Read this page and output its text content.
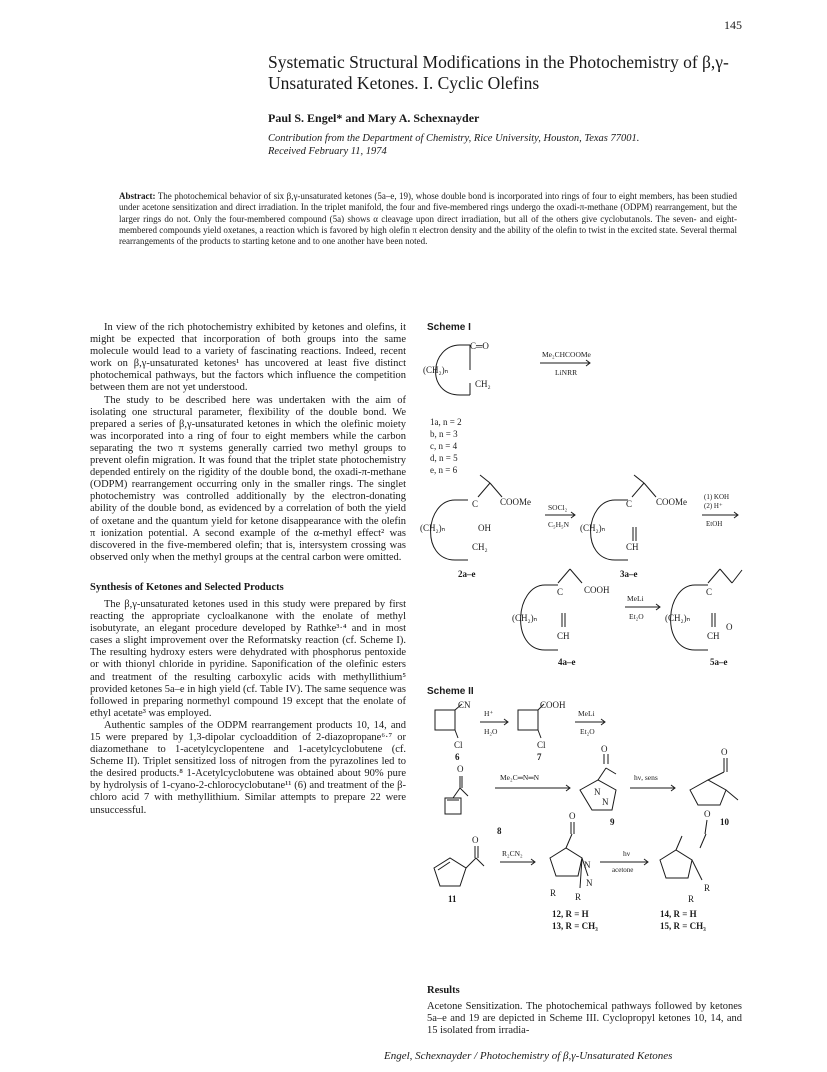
145
Systematic Structural Modifications in the Photochemistry of β,γ-Unsaturated Ketones. I. Cyclic Olefins
Paul S. Engel* and Mary A. Schexnayder
Contribution from the Department of Chemistry, Rice University, Houston, Texas 77001.
Received February 11, 1974
Abstract: The photochemical behavior of six β,γ-unsaturated ketones (5a–e, 19), whose double bond is incorporated into rings of four to eight members, has been studied under acetone sensitization and direct irradiation. In the triplet manifold, the four and five-membered rings undergo the oxadi-π-methane (ODPM) rearrangement, but the larger rings do not. Only the four-membered compound (5a) shows α cleavage upon direct irradiation, but all of the others give cyclobutanols. The seven- and eight-membered compounds yield oxetanes, a reaction which is favored by high olefin π electron density and the ability of the olefin to twist in the excited state. Several thermal rearrangements of the products to starting ketone and to one another have been noted.

In view of the rich photochemistry exhibited by ketones and olefins, it might be expected that incorporation of both groups into the same molecule would lead to a variety of fascinating reactions. Indeed, recent work on β,γ-unsaturated ketones¹ has uncovered at least five distinct photochemical pathways, but the factors which influence the competition between them are not yet understood.

The study to be described here was undertaken with the aim of isolating one structural parameter, flexibility of the double bond. We prepared a series of β,γ-unsaturated ketones in which the olefinic moiety was incorporated into a ring of four to eight members while the carbon separating the two π systems generally carried two methyl groups to prevent olefin migration. It was found that the triplet state photochemistry depended entirely on the rigidity of the double bond, the oxadi-π-methane (ODPM) rearrangement occurring only in the smaller rings. The singlet photochemistry was controlled additionally by the electron-donating ability of the double bond, as evidenced by a correlation of both the yield of oxetane and the quantum yield for ketone disappearance with the olefin π ionization potential. A second example of the α-methyl effect² was discovered in the five-membered olefin; that is, intersystem crossing was observed only when the methyl groups at the central carbon were omitted.

Synthesis of Ketones and Selected Products

The β,γ-unsaturated ketones used in this study were prepared by first reacting the appropriate cycloalkanone with the enolate of methyl isobutyrate, an elegant procedure developed by Rathke³·⁴ and in most cases a slight improvement over the Reformatsky reaction (cf. Scheme I). The resulting hydroxy esters were dehydrated with phosphorus pentoxide or with thionyl chloride in pyridine. Saponification of the olefinic esters and treatment of the resulting carboxylic acids with methyllithium⁵ provided ketones 5a–e in high yield (cf. Table IV). The same sequence was followed in preparing normethyl compound 19 except that the enolate of ethyl acetate³ was employed.

Authentic samples of the ODPM rearrangement products 10, 14, and 15 were prepared by 1,3-dipolar cycloaddition of 2-diazopropane⁶·⁷ or diazomethane to 1-acetylcyclopentene and 1-acetylcyclobutene (cf. Scheme II). Triplet sensitized loss of nitrogen from the pyrazolines led to the desired products.⁸ 1-Acetylcyclobutene was obtained about 90% pure by hydrolysis of 1-cyano-2-chlorocyclobutane¹¹ (6) and treatment of the β-chloro acid 7 with methyllithium. Similar attempts to prepare 22 were unsuccessful.

Scheme I
(CH₂)ₙ
C═O
CH₂
Me₂CHCOOMe
LiNRR
1a, n = 2
b, n = 3
c, n = 4
d, n = 5
e, n = 6
(CH₂)ₙ
C COOMe
OH
CH₂
SOCl₂
C₅H₅N
2a–e
(CH₂)ₙ
C	COOMe
CH
(1) KOH
(2) H⁺
EtOH
3a–e
(CH₂)ₙ
C COOH
CH
MeLi
Et₂O
4a–e
(CH₂)ₙ
C
O
CH
5a–e
Scheme II
CN
Cl
H⁺
H₂O
COOH
Cl
MeLi
Et₂O
6	7
O
Me₂C═N═N
8
O
N
N
hν, sens
9
O
10
O
R₂CN₂
11
O
N
N
R R
hν
acetone
12, R = H
13, R = CH₃
O
R
R
14, R = H
15, R = CH₃
Results
Acetone Sensitization. The photochemical pathways followed by ketones 5a–e and 19 are depicted in Scheme III. Cyclopropyl ketones 10, 14, and 15 isolated from irradia-
Engel, Schexnayder / Photochemistry of β,γ-Unsaturated Ketones
